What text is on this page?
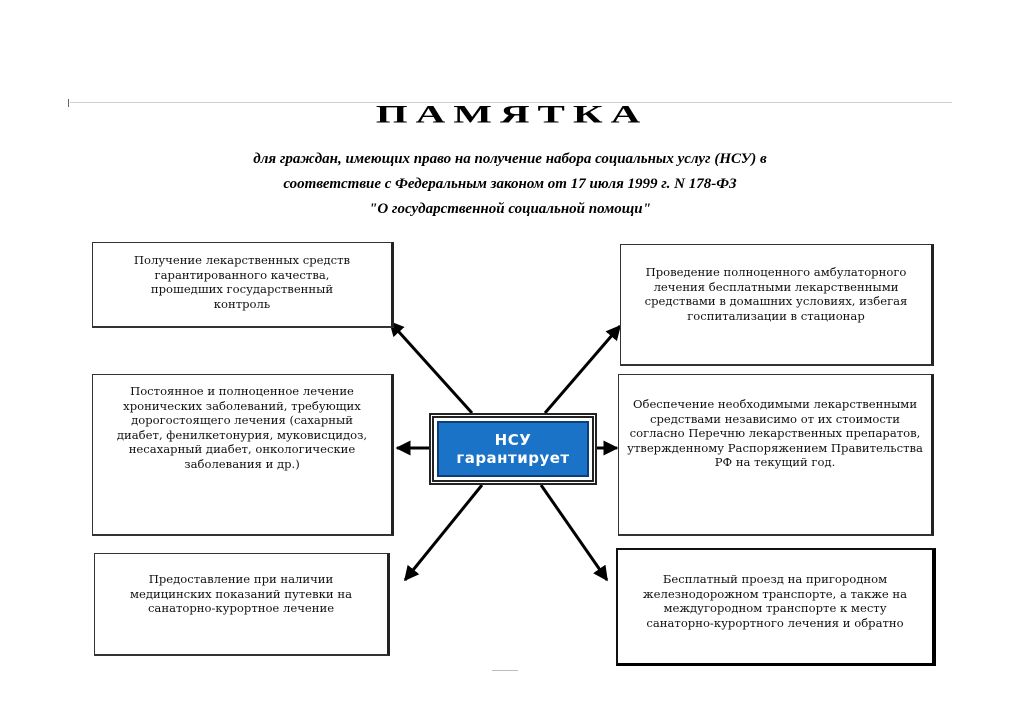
ПАМЯТКА
для граждан, имеющих право на получение набора социальных услуг (НСУ) в
соответствие с Федеральным законом от 17 июля 1999 г. N 178-ФЗ
"О государственной социальной помощи"
Получение лекарственных средств гарантированного качества, прошедших государственный контроль
Постоянное и полноценное лечение хронических заболеваний, требующих дорогостоящего лечения (сахарный диабет, фенилкетонурия, муковисцидоз, несахарный диабет, онкологические заболевания и др.)
Предоставление при наличии медицинских показаний путевки на санаторно-курортное лечение
Проведение полноценного амбулаторного лечения бесплатными лекарственными средствами в домашних условиях, избегая госпитализации в стационар
Обеспечение необходимыми лекарственными средствами независимо от их стоимости согласно Перечню лекарственных препаратов, утвержденному Распоряжением Правительства РФ на текущий год.
Бесплатный проезд на пригородном железнодорожном транспорте, а также на междугородном транспорте к месту санаторно-курортного лечения и обратно
НСУ
гарантирует
